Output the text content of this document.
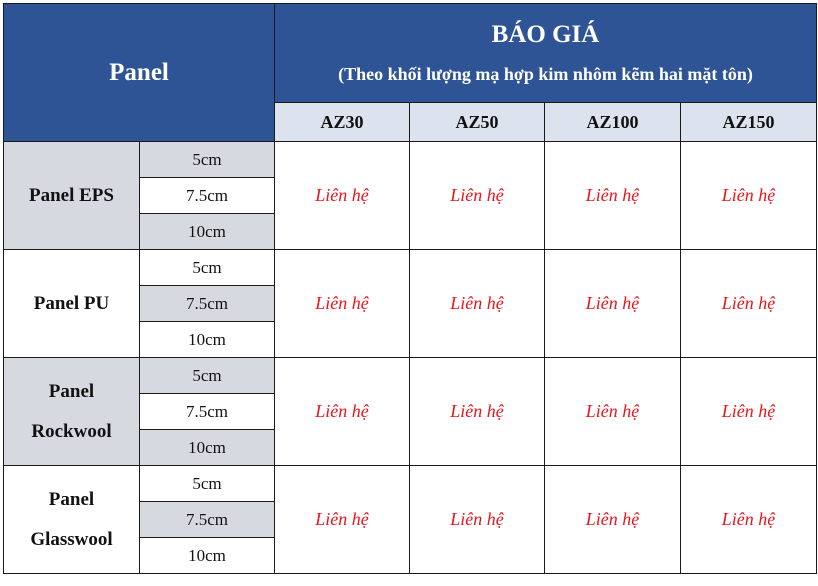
Panel		BÁO GIÁ
(Theo khối lượng mạ hợp kim nhôm kẽm hai mặt tôn)			

		AZ30	AZ50	AZ100	AZ150
Panel EPS	5cm	Liên hệ	Liên hệ	Liên hệ	Liên hệ
	7.5cm				
	10cm				
Panel PU	5cm	Liên hệ	Liên hệ	Liên hệ	Liên hệ
	7.5cm				
	10cm				
Panel
Rockwool	5cm	Liên hệ	Liên hệ	Liên hệ	Liên hệ
	7.5cm				
	10cm				
Panel
Glasswool	5cm	Liên hệ	Liên hệ	Liên hệ	Liên hệ
	7.5cm				
	10cm				
